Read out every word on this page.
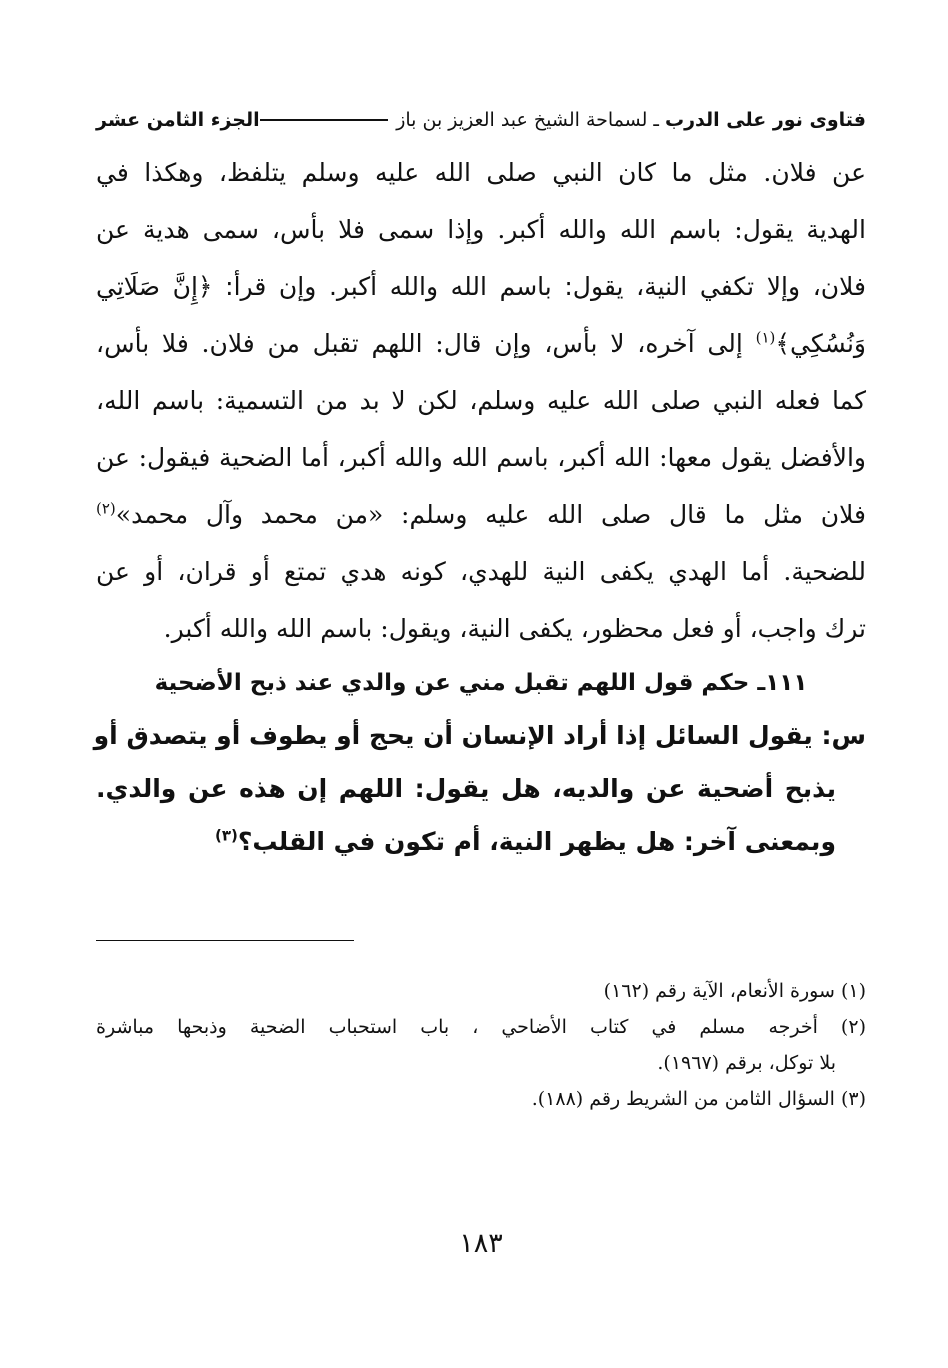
فتاوى نور على الدرب
ـ
لسماحة الشيخ عبد العزيز بن باز
الجزء الثامن عشر
عن فلان. مثل ما كان النبي صلى الله عليه وسلم يتلفظ، وهكذا في
الهدية يقول: باسم الله والله أكبر. وإذا سمى فلا بأس، سمى هدية عن
فلان، وإلا تكفي النية، يقول: باسم الله والله أكبر. وإن قرأ: ﴿إِنَّ صَلَاتِي
وَنُسُكِي﴾$^{(١)}$ إلى آخره، لا بأس، وإن قال: اللهم تقبل من فلان. فلا بأس،
كما فعله النبي صلى الله عليه وسلم، لكن لا بد من التسمية: باسم الله،
والأفضل يقول معها: الله أكبر، باسم الله والله أكبر، أما الضحية فيقول: عن
فلان مثل ما قال صلى الله عليه وسلم: «من محمد وآل محمد»$^{(٢)}$
للضحية. أما الهدي يكفى النية للهدي، كونه هدي تمتع أو قران، أو عن
ترك واجب، أو فعل محظور، يكفى النية، ويقول: باسم الله والله أكبر.
١١١ـ حكم قول اللهم تقبل مني عن والدي عند ذبح الأضحية
س: يقول السائل إذا أراد الإنسان أن يحج أو يطوف أو يتصدق أو
يذبح أضحية عن والديه، هل يقول: اللهم إن هذه عن والدي.
وبمعنى آخر: هل يظهر النية، أم تكون في القلب؟$^{(٣)}$
(١) سورة الأنعام، الآية رقم (١٦٢)
(٢) أخرجه مسلم في كتاب الأضاحي ، باب استحباب الضحية وذبحها مباشرة
بلا توكل، برقم (١٩٦٧).
(٣) السؤال الثامن من الشريط رقم (١٨٨).
١٨٣
